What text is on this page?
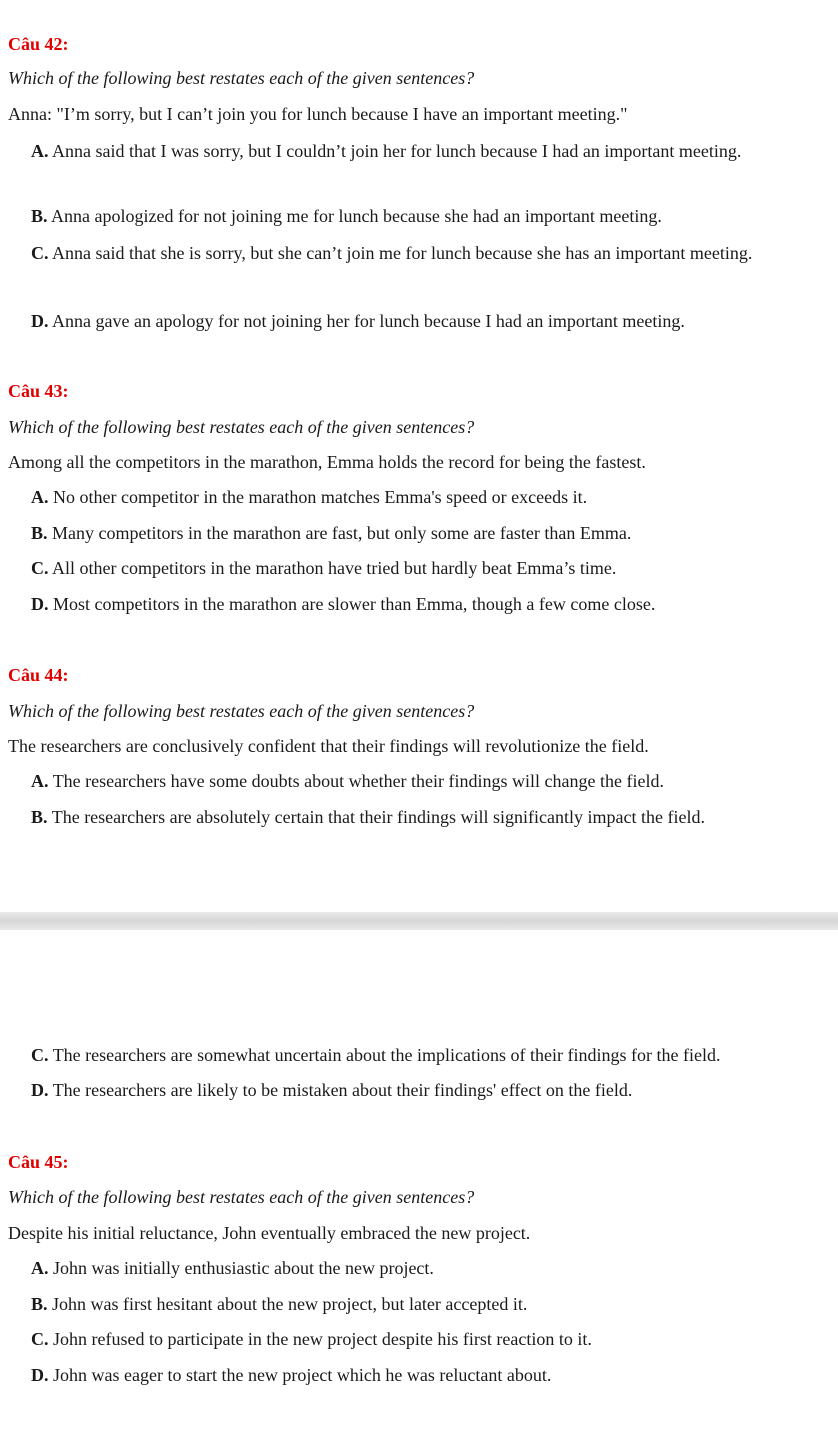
Câu 42:
Which of the following best restates each of the given sentences?
Anna: "I’m sorry, but I can’t join you for lunch because I have an important meeting."
A. Anna said that I was sorry, but I couldn’t join her for lunch because I had an important meeting.
B. Anna apologized for not joining me for lunch because she had an important meeting.
C. Anna said that she is sorry, but she can’t join me for lunch because she has an important meeting.
D. Anna gave an apology for not joining her for lunch because I had an important meeting.
Câu 43:
Which of the following best restates each of the given sentences?
Among all the competitors in the marathon, Emma holds the record for being the fastest.
A. No other competitor in the marathon matches Emma's speed or exceeds it.
B. Many competitors in the marathon are fast, but only some are faster than Emma.
C. All other competitors in the marathon have tried but hardly beat Emma’s time.
D. Most competitors in the marathon are slower than Emma, though a few come close.
Câu 44:
Which of the following best restates each of the given sentences?
The researchers are conclusively confident that their findings will revolutionize the field.
A. The researchers have some doubts about whether their findings will change the field.
B. The researchers are absolutely certain that their findings will significantly impact the field.
C. The researchers are somewhat uncertain about the implications of their findings for the field.
D. The researchers are likely to be mistaken about their findings' effect on the field.
Câu 45:
Which of the following best restates each of the given sentences?
Despite his initial reluctance, John eventually embraced the new project.
A. John was initially enthusiastic about the new project.
B. John was first hesitant about the new project, but later accepted it.
C. John refused to participate in the new project despite his first reaction to it.
D. John was eager to start the new project which he was reluctant about.
